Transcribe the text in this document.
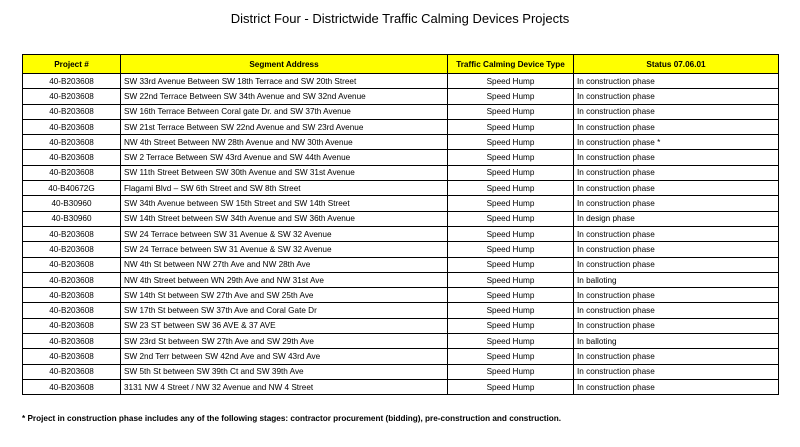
District Four - Districtwide Traffic Calming Devices Projects
Project #	Segment Address	Traffic Calming Device Type	Status 07.06.01
40-B203608	SW 33rd Avenue Between SW 18th Terrace and SW 20th Street	Speed Hump	In construction phase
40-B203608	SW 22nd Terrace Between SW 34th Avenue and SW 32nd Avenue	Speed Hump	In construction phase
40-B203608	SW 16th Terrace Between Coral gate Dr. and SW 37th Avenue	Speed Hump	In construction phase
40-B203608	SW 21st Terrace Between SW 22nd Avenue and SW 23rd Avenue	Speed Hump	In construction phase
40-B203608	NW 4th Street Between NW 28th Avenue and NW 30th Avenue	Speed Hump	In construction phase *
40-B203608	SW 2 Terrace Between SW 43rd Avenue and SW 44th Avenue	Speed Hump	In construction phase
40-B203608	SW 11th Street Between SW 30th Avenue and SW 31st Avenue	Speed Hump	In construction phase
40-B40672G	Flagami Blvd – SW 6th Street and SW 8th Street	Speed Hump	In construction phase
40-B30960	SW 34th Avenue between SW 15th Street and SW 14th Street	Speed Hump	In construction phase
40-B30960	SW 14th Street between SW 34th Avenue and SW 36th Avenue	Speed Hump	In design phase
40-B203608	SW 24 Terrace between SW 31 Avenue & SW 32 Avenue	Speed Hump	In construction phase
40-B203608	SW 24 Terrace between SW 31 Avenue & SW 32 Avenue	Speed Hump	In construction phase
40-B203608	NW 4th St between NW 27th Ave and NW 28th Ave	Speed Hump	In construction phase
40-B203608	NW 4th Street between WN 29th Ave and NW 31st Ave	Speed Hump	In balloting
40-B203608	SW 14th St between SW 27th Ave and SW 25th Ave	Speed Hump	In construction phase
40-B203608	SW 17th St between SW 37th Ave and Coral Gate Dr	Speed Hump	In construction phase
40-B203608	SW 23 ST between SW 36 AVE & 37 AVE	Speed Hump	In construction phase
40-B203608	SW 23rd St between SW 27th Ave and SW 29th Ave	Speed Hump	In balloting
40-B203608	SW 2nd Terr between SW 42nd Ave and SW 43rd Ave	Speed Hump	In construction phase
40-B203608	SW 5th St between SW 39th Ct and SW 39th Ave	Speed Hump	In construction phase
40-B203608	3131 NW 4 Street / NW 32 Avenue and NW 4 Street	Speed Hump	In construction phase
* Project in construction phase includes any of the following stages: contractor procurement (bidding), pre-construction and construction.
